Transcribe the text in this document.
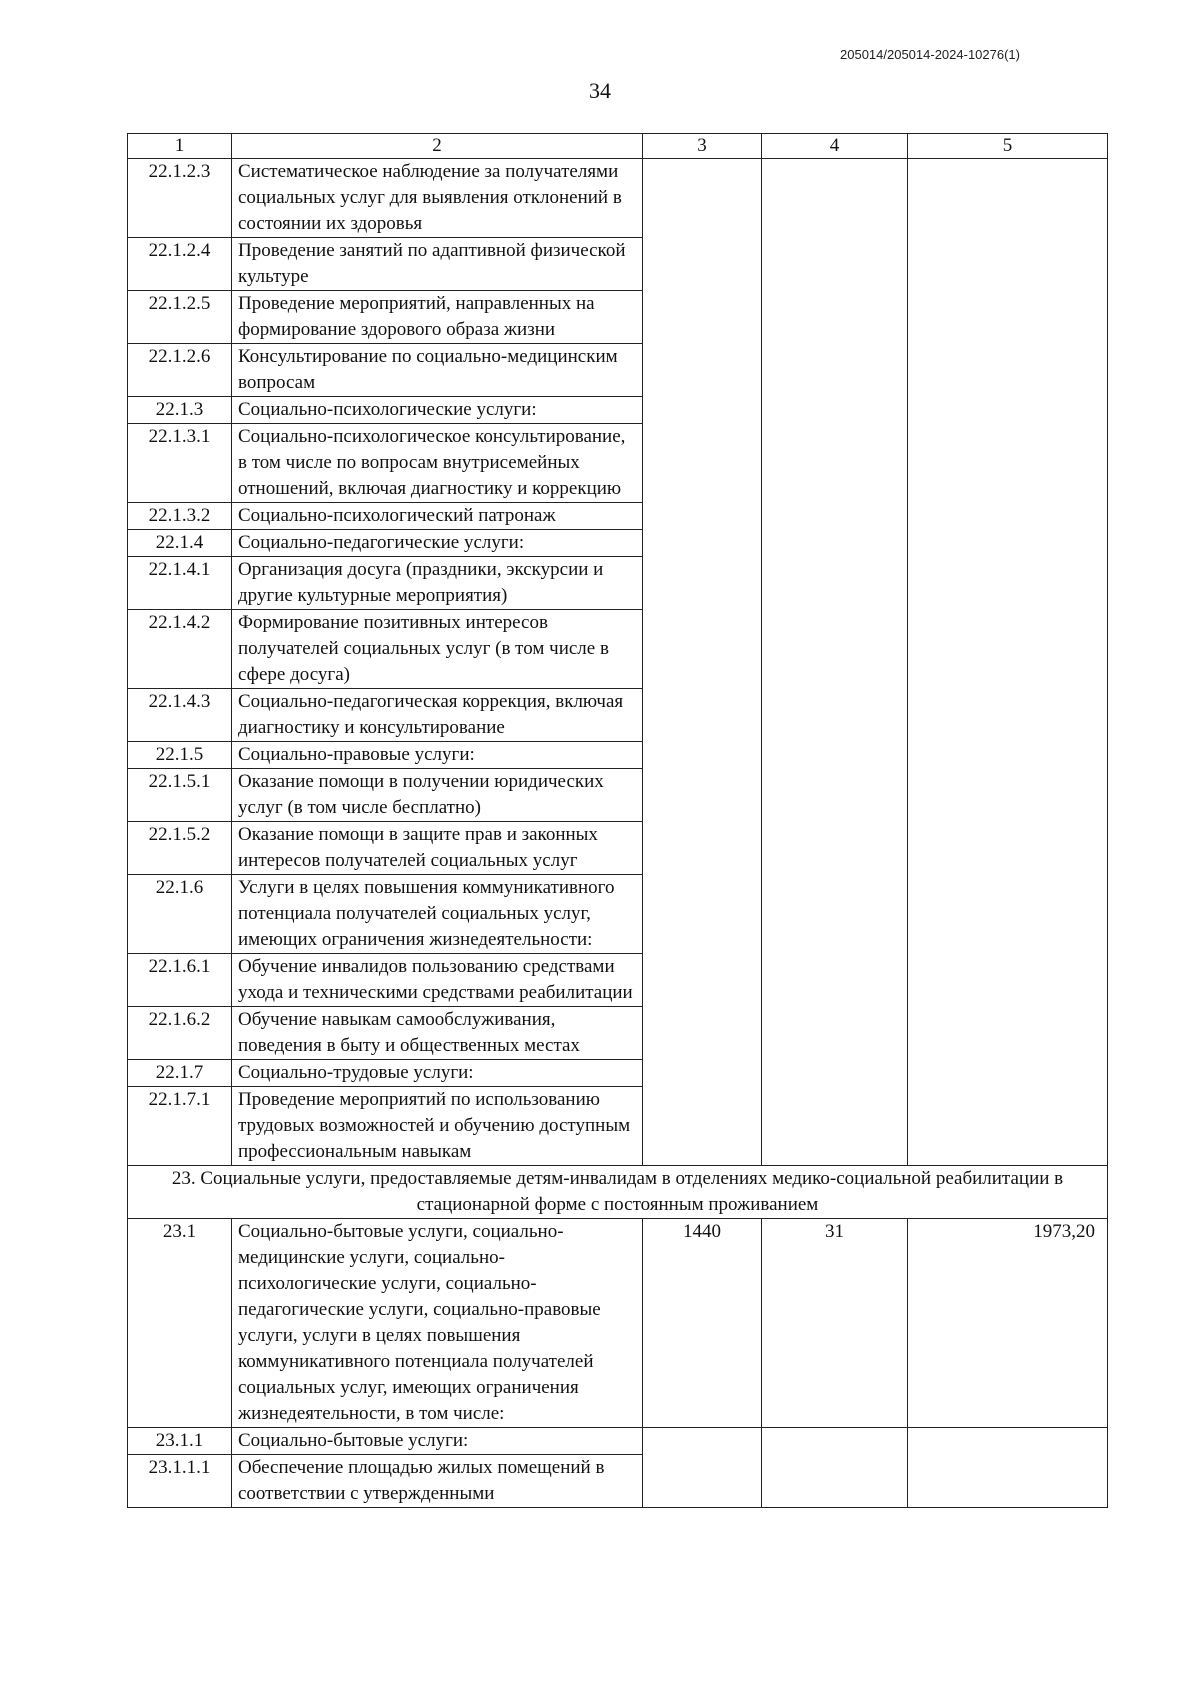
205014/205014-2024-10276(1)
34
1	2	3	4	5
22.1.2.3	Систематическое наблюдение за получателями социальных услуг для выявления отклонений в состоянии их здоровья			
22.1.2.4	Проведение занятий по адаптивной физической культуре			
22.1.2.5	Проведение мероприятий, направленных на формирование здорового образа жизни			
22.1.2.6	Консультирование по социально-медицинским вопросам			
22.1.3	Социально-психологические услуги:			
22.1.3.1	Социально-психологическое консультирование, в том числе по вопросам внутрисемейных отношений, включая диагностику и коррекцию			
22.1.3.2	Социально-психологический патронаж			
22.1.4	Социально-педагогические услуги:			
22.1.4.1	Организация досуга (праздники, экскурсии и другие культурные мероприятия)			
22.1.4.2	Формирование позитивных интересов получателей социальных услуг (в том числе в сфере досуга)			
22.1.4.3	Социально-педагогическая коррекция, включая диагностику и консультирование			
22.1.5	Социально-правовые услуги:			
22.1.5.1	Оказание помощи в получении юридических услуг (в том числе бесплатно)			
22.1.5.2	Оказание помощи в защите прав и законных интересов получателей социальных услуг			
22.1.6	Услуги в целях повышения коммуникативного потенциала получателей социальных услуг, имеющих ограничения жизнедеятельности:			
22.1.6.1	Обучение инвалидов пользованию средствами ухода и техническими средствами реабилитации			
22.1.6.2	Обучение навыкам самообслуживания, поведения в быту и общественных местах			
22.1.7	Социально-трудовые услуги:			
22.1.7.1	Проведение мероприятий по использованию трудовых возможностей и обучению доступным профессиональным навыкам			
23. Социальные услуги, предоставляемые детям-инвалидам в отделениях медико-социальной реабилитации в стационарной форме с постоянным проживанием				
23.1	Социально-бытовые услуги, социально-медицинские услуги, социально-психологические услуги, социально-педагогические услуги, социально-правовые услуги, услуги в целях повышения коммуникативного потенциала получателей социальных услуг, имеющих ограничения жизнедеятельности, в том числе:	1440	31	1973,20
23.1.1	Социально-бытовые услуги:			
23.1.1.1	Обеспечение площадью жилых помещений в соответствии с утвержденными			
